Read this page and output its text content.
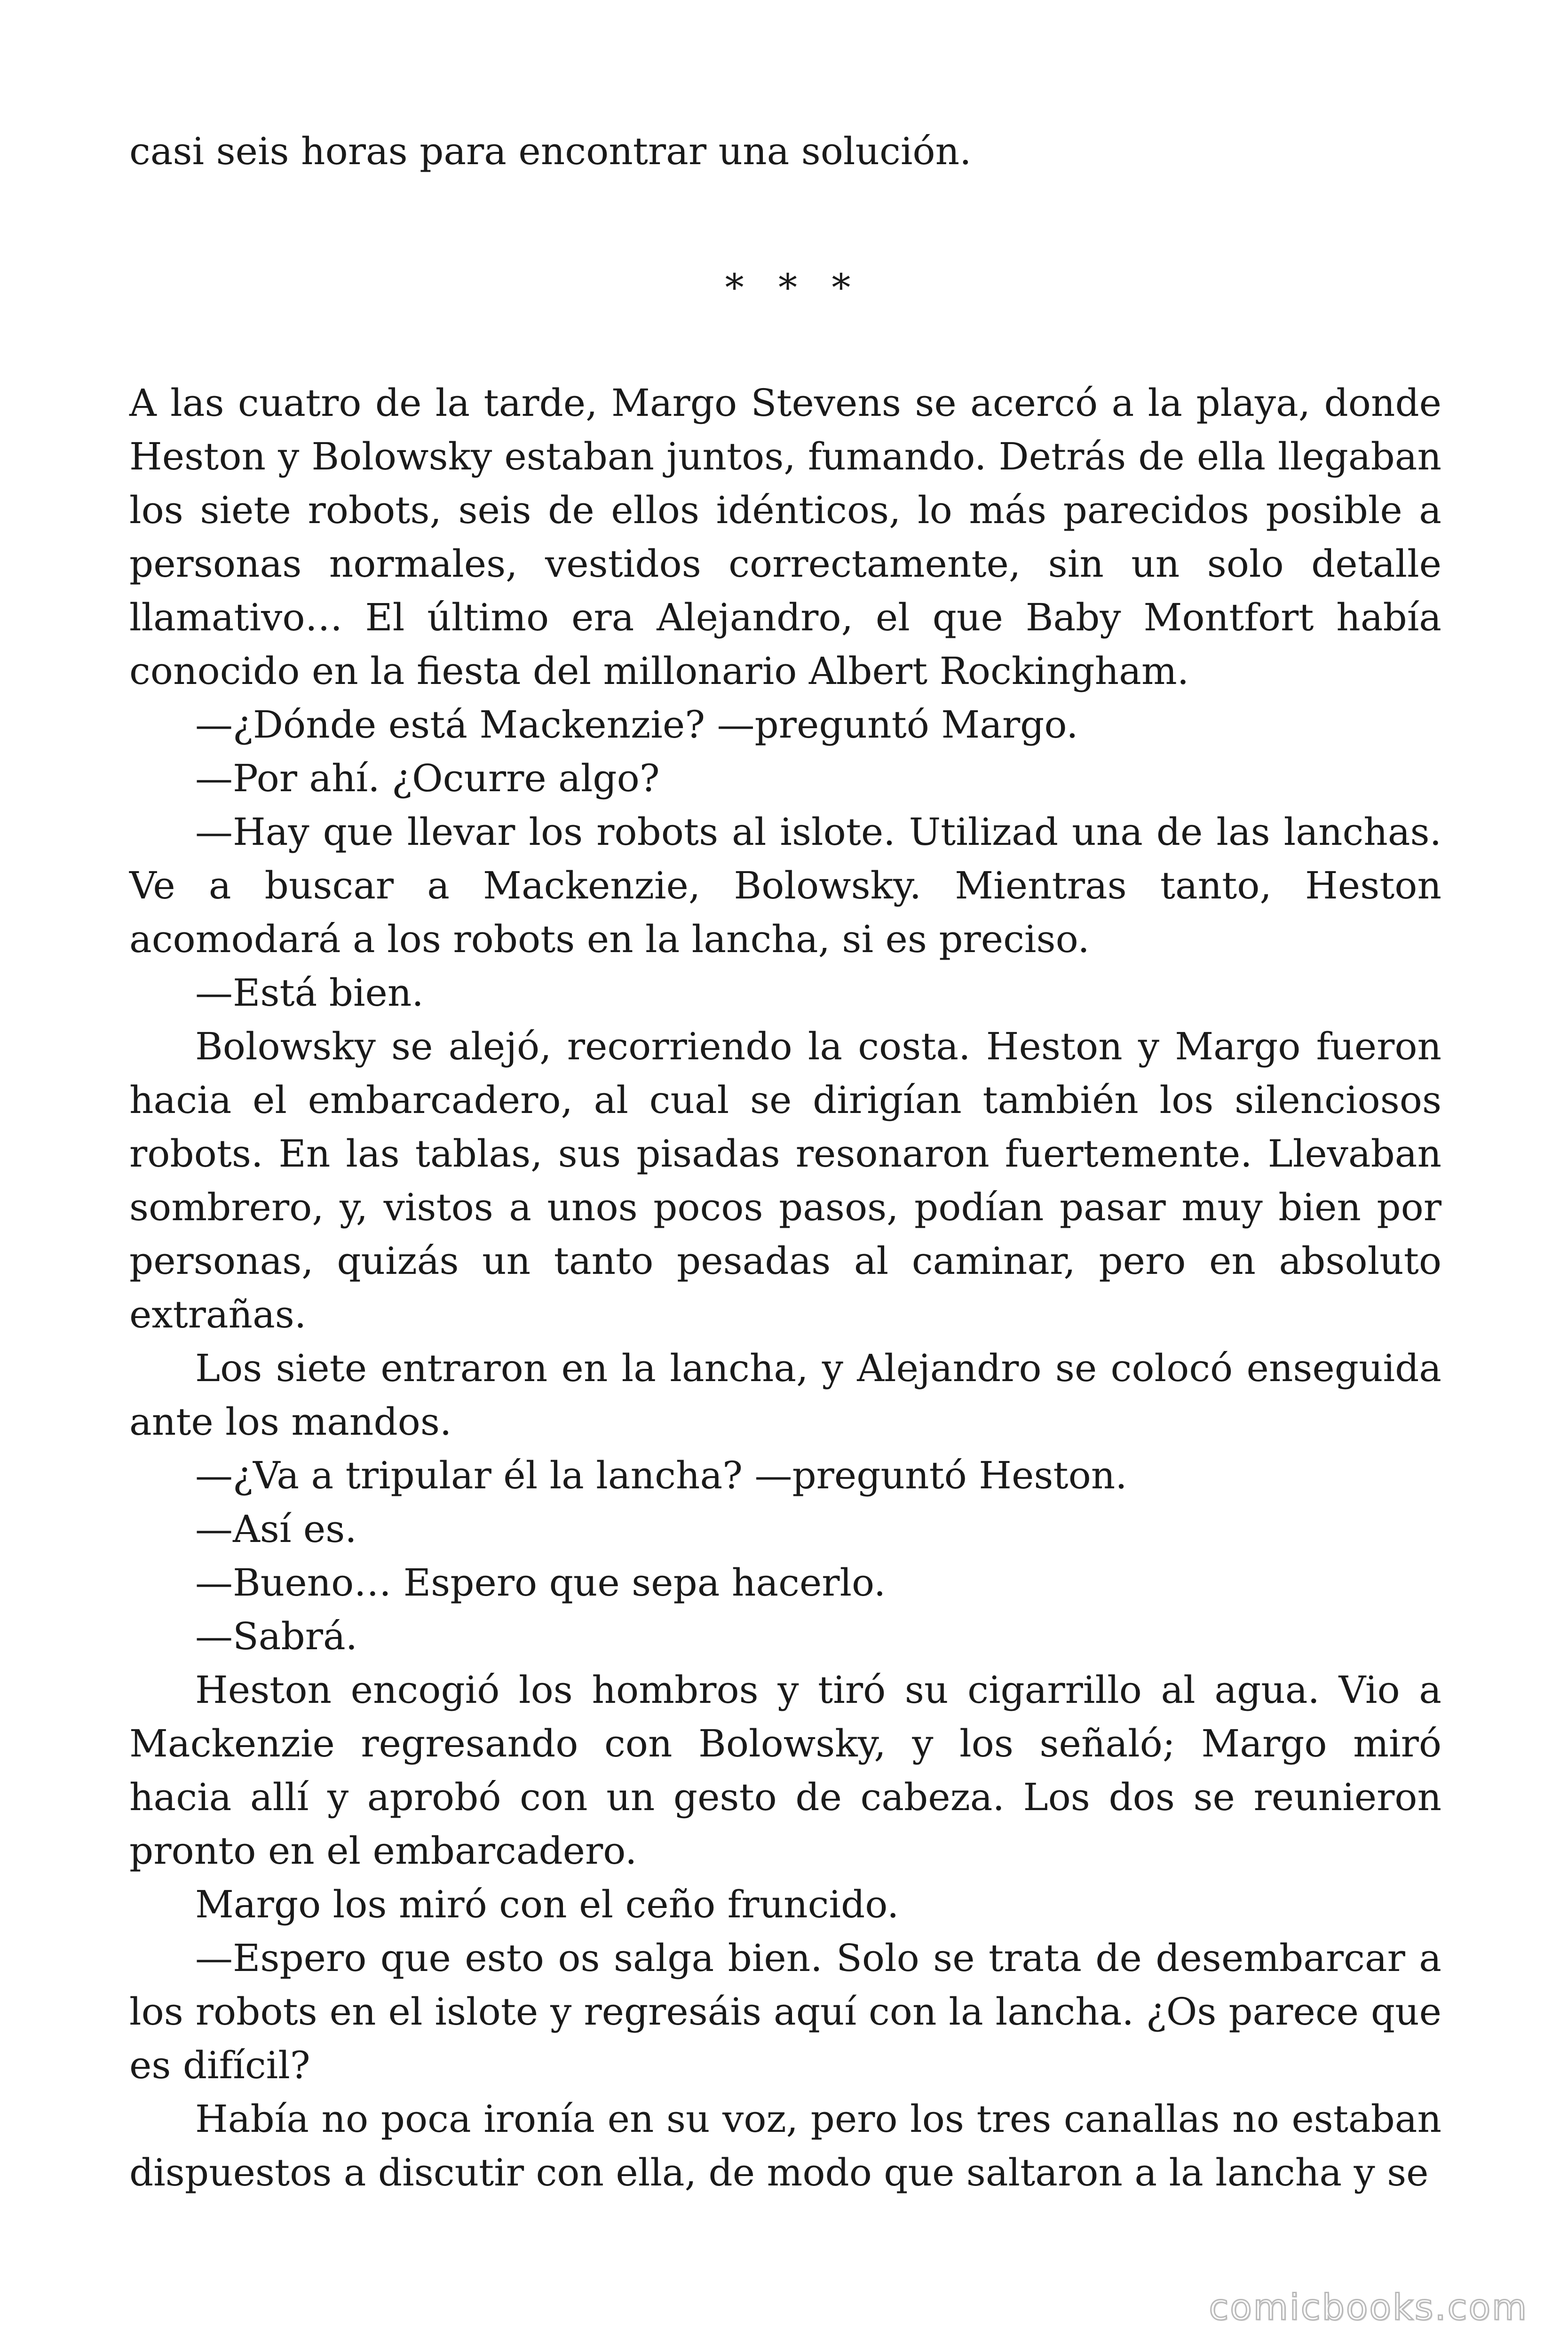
casi seis horas para encontrar una solución.

* * *

A las cuatro de la tarde, Margo Stevens se acercó a la playa, donde Heston y Bolowsky estaban juntos, fumando. Detrás de ella llegaban los siete robots, seis de ellos idénticos, lo más parecidos posible a personas normales, vestidos correctamente, sin un solo detalle llamativo… El último era Alejandro, el que Baby Montfort había conocido en la fiesta del millonario Albert Rockingham.

—¿Dónde está Mackenzie? —preguntó Margo.

—Por ahí. ¿Ocurre algo?

—Hay que llevar los robots al islote. Utilizad una de las lanchas. Ve a buscar a Mackenzie, Bolowsky. Mientras tanto, Heston acomodará a los robots en la lancha, si es preciso.

—Está bien.

Bolowsky se alejó, recorriendo la costa. Heston y Margo fueron hacia el embarcadero, al cual se dirigían también los silenciosos robots. En las tablas, sus pisadas resonaron fuertemente. Llevaban sombrero, y, vistos a unos pocos pasos, podían pasar muy bien por personas, quizás un tanto pesadas al caminar, pero en absoluto extrañas.

Los siete entraron en la lancha, y Alejandro se colocó enseguida ante los mandos.

—¿Va a tripular él la lancha? —preguntó Heston.

—Así es.

—Bueno… Espero que sepa hacerlo.

—Sabrá.

Heston encogió los hombros y tiró su cigarrillo al agua. Vio a Mackenzie regresando con Bolowsky, y los señaló; Margo miró hacia allí y aprobó con un gesto de cabeza. Los dos se reunieron pronto en el embarcadero.

Margo los miró con el ceño fruncido.

—Espero que esto os salga bien. Solo se trata de desembarcar a los robots en el islote y regresáis aquí con la lancha. ¿Os parece que es difícil?

Había no poca ironía en su voz, pero los tres canallas no estaban dispuestos a discutir con ella, de modo que saltaron a la lancha y se

comicbooks.com
